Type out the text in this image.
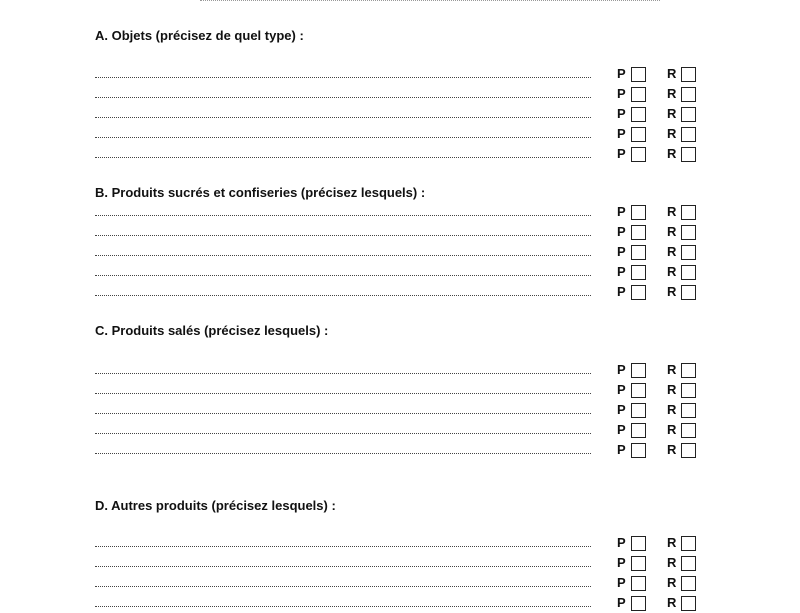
A. Objets (précisez de quel type) :
P	R
P	R
P	R
P	R
P	R
B. Produits sucrés et confiseries (précisez lesquels) :
P	R
P	R
P	R
P	R
P	R
C. Produits salés (précisez lesquels) :
P	R
P	R
P	R
P	R
P	R
D. Autres produits (précisez lesquels) :
P	R
P	R
P	R
P	R
